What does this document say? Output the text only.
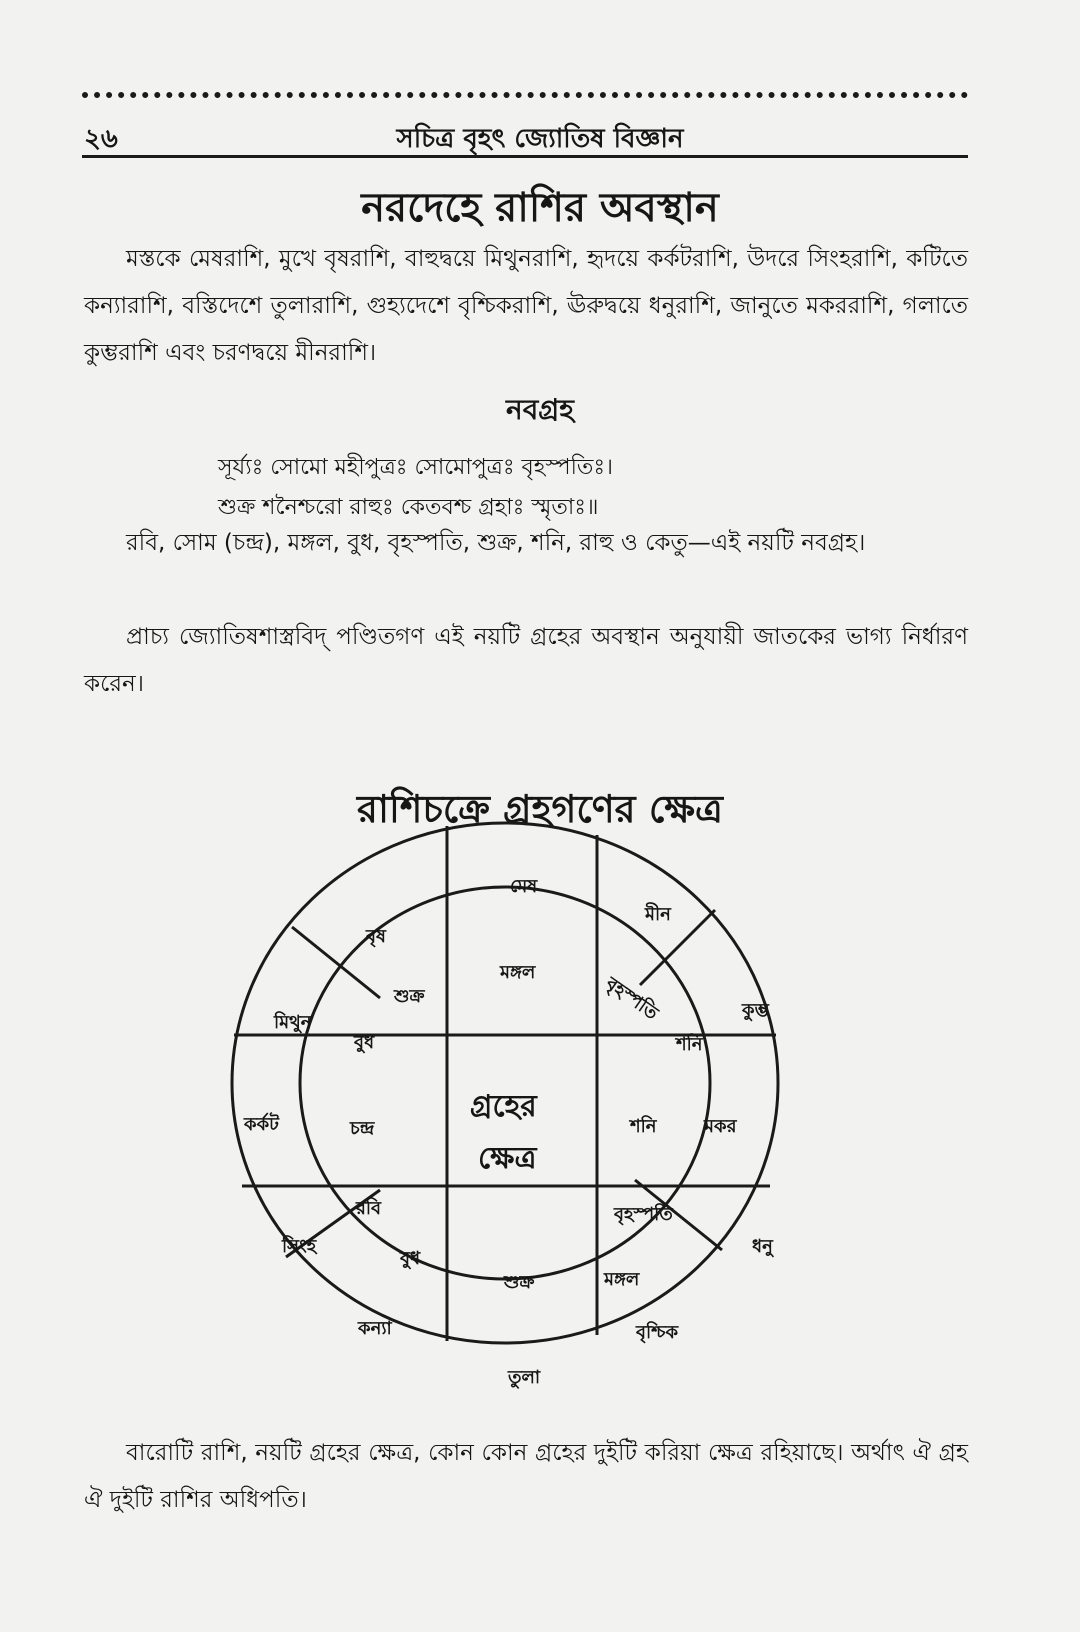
২৬	সচিত্র বৃহৎ জ্যোতিষ বিজ্ঞান
নরদেহে রাশির অবস্থান

মস্তকে মেষরাশি, মুখে বৃষরাশি, বাহুদ্বয়ে মিথুনরাশি, হৃদয়ে কর্কটরাশি, উদরে সিংহরাশি, কটিতে কন্যারাশি, বস্তিদেশে তুলারাশি, গুহ্যদেশে বৃশ্চিকরাশি, ঊরুদ্বয়ে ধনুরাশি, জানুতে মকররাশি, গলাতে কুম্ভরাশি এবং চরণদ্বয়ে মীনরাশি।

নবগ্রহ
সূর্য্যঃ সোমো মহীপুত্রঃ সোমোপুত্রঃ বৃহস্পতিঃ।
শুক্র শনৈশ্চরো রাহুঃ কেতবশ্চ গ্রহাঃ স্মৃতাঃ॥

রবি, সোম (চন্দ্র), মঙ্গল, বুধ, বৃহস্পতি, শুক্র, শনি, রাহু ও কেতু—এই নয়টি নবগ্রহ।

প্রাচ্য জ্যোতিষশাস্ত্রবিদ্ পণ্ডিতগণ এই নয়টি গ্রহের অবস্থান অনুযায়ী জাতকের ভাগ্য নির্ধারণ করেন।

রাশিচক্রে গ্রহগণের ক্ষেত্র
গ্রহের
ক্ষেত্র
মেষ
মীন
কুম্ভ
মকর
ধনু
বৃশ্চিক
তুলা
কন্যা
সিংহ
কর্কট
মিথুন
বৃষ
মঙ্গল
বৃহস্পতি
শনি
শনি
বৃহস্পতি
মঙ্গল
শুক্র
বুধ
রবি
চন্দ্র
বুধ
শুক্র

বারোটি রাশি, নয়টি গ্রহের ক্ষেত্র, কোন কোন গ্রহের দুইটি করিয়া ক্ষেত্র রহিয়াছে। অর্থাৎ ঐ গ্রহ ঐ দুইটি রাশির অধিপতি।
